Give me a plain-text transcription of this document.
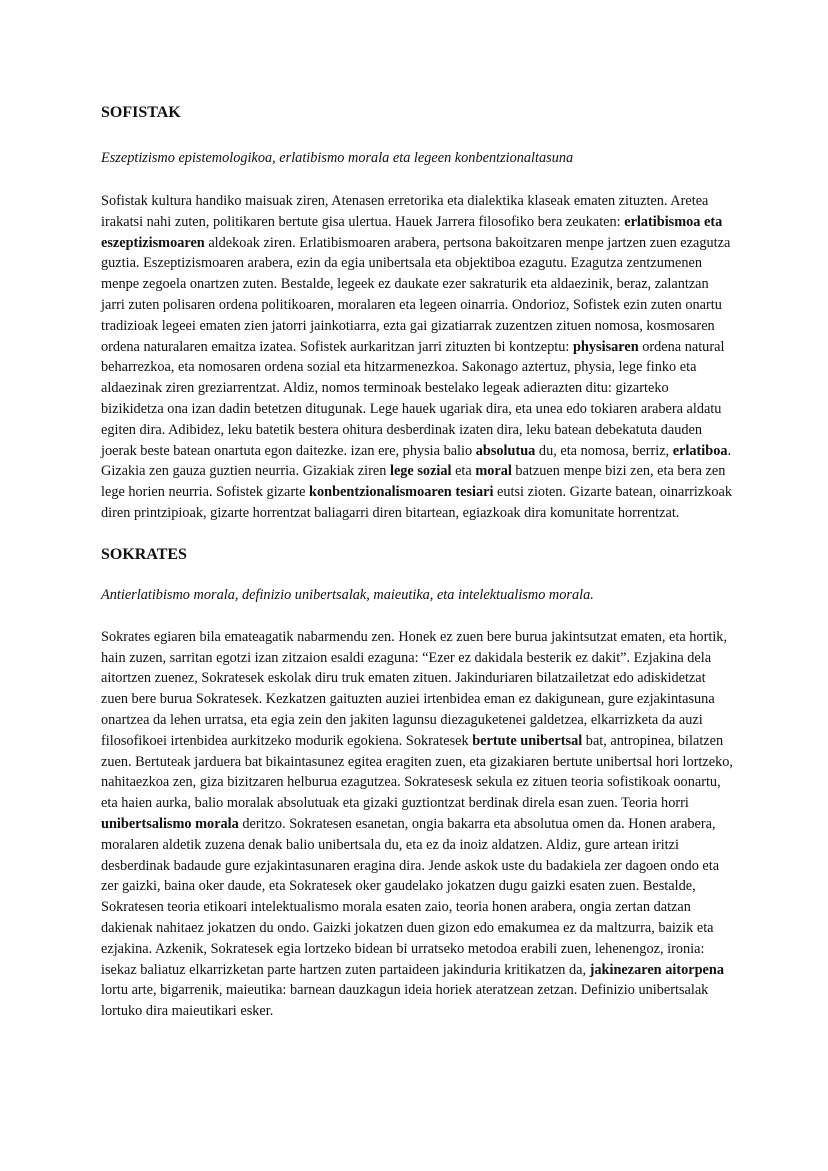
SOFISTAK

Eszeptizismo epistemologikoa, erlatibismo morala eta legeen konbentzionaltasuna

Sofistak kultura handiko maisuak ziren, Atenasen erretorika eta dialektika klaseak ematen zituzten. Aretea irakatsi nahi zuten, politikaren bertute gisa ulertua. Hauek Jarrera filosofiko bera zeukaten: erlatibismoa eta eszeptizismoaren aldekoak ziren. Erlatibismoaren arabera, pertsona bakoitzaren menpe jartzen zuen ezagutza guztia. Eszeptizismoaren arabera, ezin da egia unibertsala eta objektiboa ezagutu. Ezagutza zentzumenen menpe zegoela onartzen zuten. Bestalde, legeek ez daukate ezer sakraturik eta aldaezinik, beraz, zalantzan jarri zuten polisaren ordena politikoaren, moralaren eta legeen oinarria. Ondorioz, Sofistek ezin zuten onartu tradizioak legeei ematen zien jatorri jainkotiarra, ezta gai gizatiarrak zuzentzen zituen nomosa, kosmosaren ordena naturalaren emaitza izatea. Sofistek aurkaritzan jarri zituzten bi kontzeptu: physisaren ordena natural beharrezkoa, eta nomosaren ordena sozial eta hitzarmenezkoa. Sakonago aztertuz, physia, lege finko eta aldaezinak ziren greziarrentzat. Aldiz, nomos terminoak bestelako legeak adierazten ditu: gizarteko bizikidetza ona izan dadin betetzen ditugunak. Lege hauek ugariak dira, eta unea edo tokiaren arabera aldatu egiten dira. Adibidez, leku batetik bestera ohitura desberdinak izaten dira, leku batean debekatuta dauden joerak beste batean onartuta egon daitezke. izan ere, physia balio absolutua du, eta nomosa, berriz, erlatiboa. Gizakia zen gauza guztien neurria. Gizakiak ziren lege sozial eta moral batzuen menpe bizi zen, eta bera zen lege horien neurria. Sofistek gizarte konbentzionalismoaren tesiari eutsi zioten. Gizarte batean, oinarrizkoak diren printzipioak, gizarte horrentzat baliagarri diren bitartean, egiazkoak dira komunitate horrentzat.

SOKRATES

Antierlatibismo morala, definizio unibertsalak, maieutika, eta intelektualismo morala.

Sokrates egiaren bila emateagatik nabarmendu zen. Honek ez zuen bere burua jakintsutzat ematen, eta hortik, hain zuzen, sarritan egotzi izan zitzaion esaldi ezaguna: “Ezer ez dakidala besterik ez dakit”. Ezjakina dela aitortzen zuenez, Sokratesek eskolak diru truk ematen zituen. Jakinduriaren bilatzailetzat edo adiskidetzat zuen bere burua Sokratesek. Kezkatzen gaituzten auziei irtenbidea eman ez dakigunean, gure ezjakintasuna onartzea da lehen urratsa, eta egia zein den jakiten lagunsu diezaguketenei galdetzea, elkarrizketa da auzi filosofikoei irtenbidea aurkitzeko modurik egokiena. Sokratesek bertute unibertsal bat, antropinea, bilatzen zuen. Bertuteak jarduera bat bikaintasunez egitea eragiten zuen, eta gizakiaren bertute unibertsal hori lortzeko, nahitaezkoa zen, giza bizitzaren helburua ezagutzea. Sokratesesk sekula ez zituen teoria sofistikoak oonartu, eta haien aurka, balio moralak absolutuak eta gizaki guztiontzat berdinak direla esan zuen. Teoria horri unibertsalismo morala deritzo. Sokratesen esanetan, ongia bakarra eta absolutua omen da. Honen arabera, moralaren aldetik zuzena denak balio unibertsala du, eta ez da inoiz aldatzen. Aldiz, gure artean iritzi desberdinak badaude gure ezjakintasunaren eragina dira. Jende askok uste du badakiela zer dagoen ondo eta zer gaizki, baina oker daude, eta Sokratesek oker gaudelako jokatzen dugu gaizki esaten zuen. Bestalde, Sokratesen teoria etikoari intelektualismo morala esaten zaio, teoria honen arabera, ongia zertan datzan dakienak nahitaez jokatzen du ondo. Gaizki jokatzen duen gizon edo emakumea ez da maltzurra, baizik eta ezjakina. Azkenik, Sokratesek egia lortzeko bidean bi urratseko metodoa erabili zuen, lehenengoz, ironia: isekaz baliatuz elkarrizketan parte hartzen zuten partaideen jakinduria kritikatzen da, jakinezaren aitorpena lortu arte, bigarrenik, maieutika: barnean dauzkagun ideia horiek ateratzean zetzan. Definizio unibertsalak lortuko dira maieutikari esker.
